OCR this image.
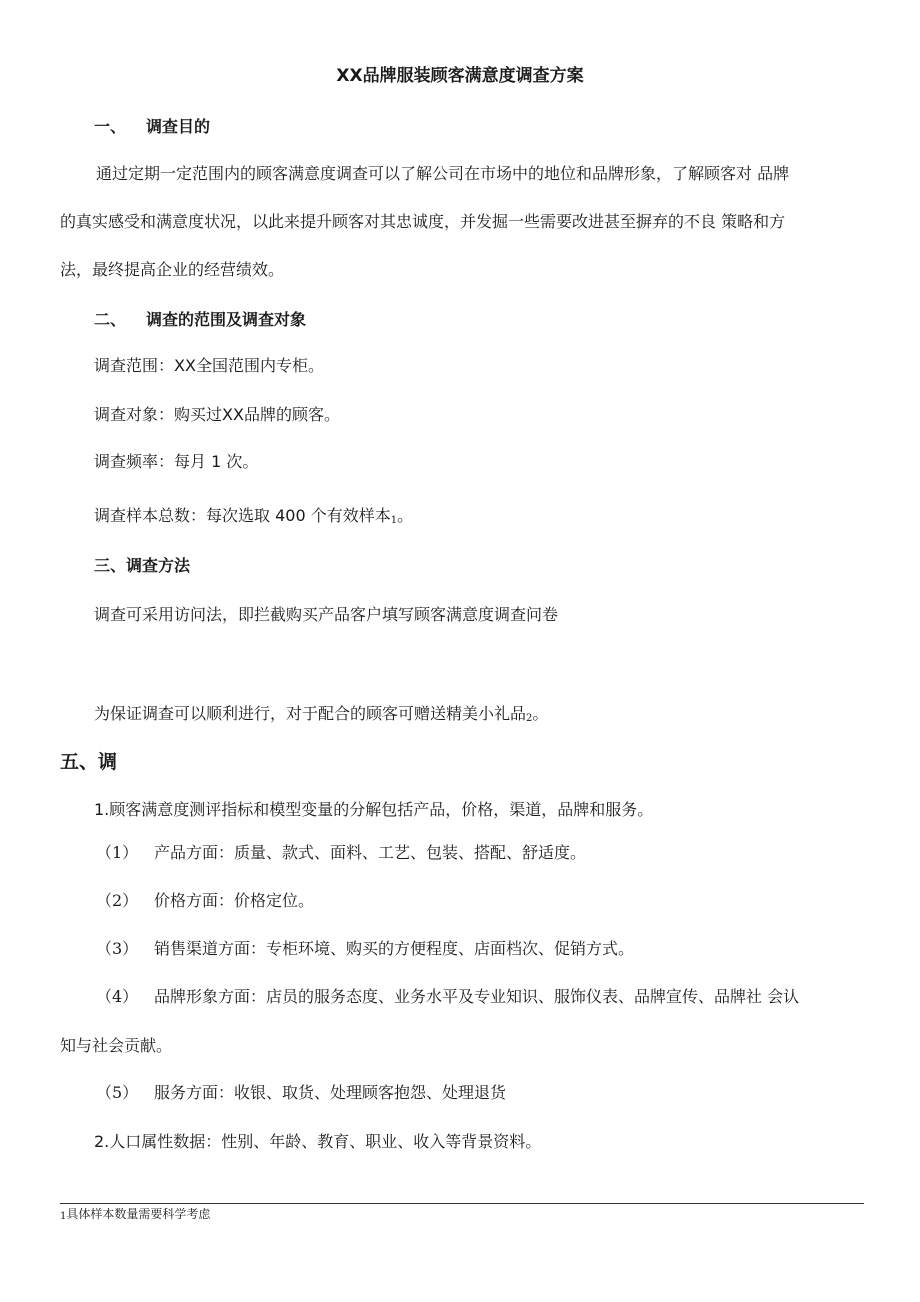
XX品牌服装顾客满意度调查方案
一、 调查目的
通过定期一定范围内的顾客满意度调查可以了解公司在市场中的地位和品牌形象，了解顾客对 品牌
的真实感受和满意度状况，以此来提升顾客对其忠诚度，并发掘一些需要改进甚至摒弃的不良 策略和方
法，最终提高企业的经营绩效。
二、 调查的范围及调查对象
调查范围：XX全国范围内专柜。
调查对象：购买过XX品牌的顾客。
调查频率：每月 1 次。
调查样本总数：每次选取 400 个有效样本1。
三、调查方法
调查可采用访问法，即拦截购买产品客户填写顾客满意度调查问卷
为保证调查可以顺利进行，对于配合的顾客可赠送精美小礼品2。
五、调
1.顾客满意度测评指标和模型变量的分解包括产品，价格，渠道，品牌和服务。
（1） 产品方面：质量、款式、面料、工艺、包装、搭配、舒适度。
（2） 价格方面：价格定位。
（3） 销售渠道方面：专柜环境、购买的方便程度、店面档次、促销方式。
（4） 品牌形象方面：店员的服务态度、业务水平及专业知识、服饰仪表、品牌宣传、品牌社 会认
知与社会贡献。
（5） 服务方面：收银、取货、处理顾客抱怨、处理退货
2.人口属性数据：性别、年龄、教育、职业、收入等背景资料。
1具体样本数量需要科学考虑
